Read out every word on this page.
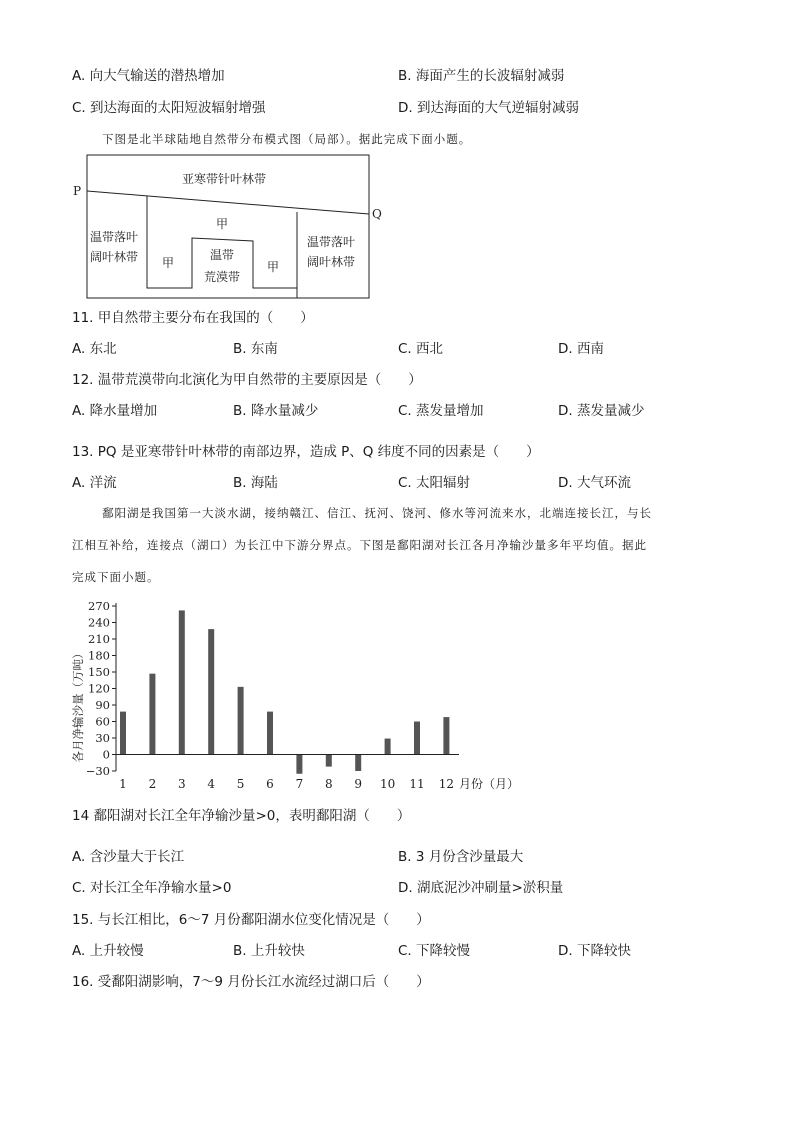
A. 向大气输送的潜热增加	B. 海面产生的长波辐射减弱
C. 到达海面的太阳短波辐射增强	D. 到达海面的大气逆辐射减弱
下图是北半球陆地自然带分布模式图（局部）。据此完成下面小题。
P
Q
亚寒带针叶林带
温带落叶
阔叶林带
甲
甲
温带
荒漠带
甲
温带落叶
阔叶林带
11. 甲自然带主要分布在我国的（　　）
A. 东北	B. 东南	C. 西北	D. 西南
12. 温带荒漠带向北演化为甲自然带的主要原因是（　　）
A. 降水量增加	B. 降水量减少	C. 蒸发量增加	D. 蒸发量减少
13. PQ 是亚寒带针叶林带的南部边界，造成 P、Q 纬度不同的因素是（　　）
A. 洋流	B. 海陆	C. 太阳辐射	D. 大气环流
鄱阳湖是我国第一大淡水湖，接纳赣江、信江、抚河、饶河、修水等河流来水，北端连接长江，与长
江相互补给，连接点（湖口）为长江中下游分界点。下图是鄱阳湖对长江各月净输沙量多年平均值。据此
完成下面小题。
270
240
210
180
150
120
90
60
30
0
−30
1 2 3 4 5 6 7 8 9 10 11 12
各月净输沙量（万吨）
月份（月）
14 鄱阳湖对长江全年净输沙量>0，表明鄱阳湖（　　）
A. 含沙量大于长江	B. 3 月份含沙量最大
C. 对长江全年净输水量>0	D. 湖底泥沙冲刷量>淤积量
15. 与长江相比，6～7 月份鄱阳湖水位变化情况是（　　）
A. 上升较慢	B. 上升较快	C. 下降较慢	D. 下降较快
16. 受鄱阳湖影响，7～9 月份长江水流经过湖口后（　　）
